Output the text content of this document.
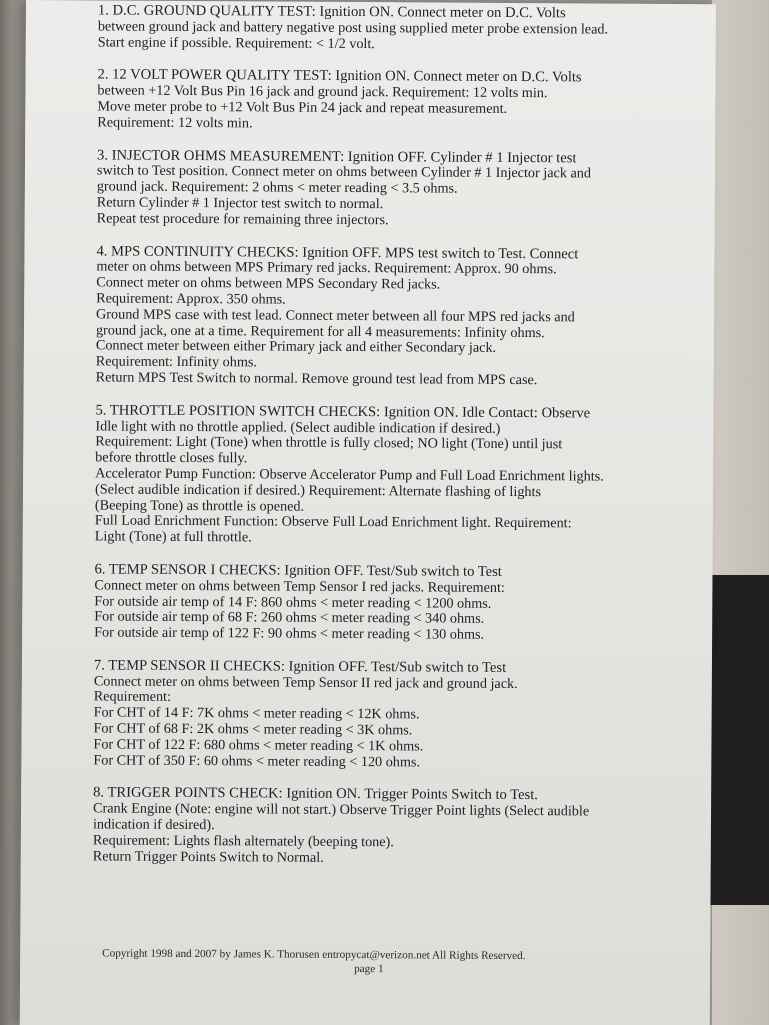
1. D.C. GROUND QUALITY TEST: Ignition ON. Connect meter on D.C. Volts

between ground jack and battery negative post using supplied meter probe extension lead.

Start engine if possible. Requirement: < 1/2 volt.

2. 12 VOLT POWER QUALITY TEST: Ignition ON. Connect meter on D.C. Volts

between +12 Volt Bus Pin 16 jack and ground jack. Requirement: 12 volts min.

Move meter probe to +12 Volt Bus Pin 24 jack and repeat measurement.

Requirement: 12 volts min.

3. INJECTOR OHMS MEASUREMENT: Ignition OFF. Cylinder # 1 Injector test

switch to Test position. Connect meter on ohms between Cylinder # 1 Injector jack and

ground jack. Requirement: 2 ohms < meter reading < 3.5 ohms.

Return Cylinder # 1 Injector test switch to normal.

Repeat test procedure for remaining three injectors.

4. MPS CONTINUITY CHECKS: Ignition OFF. MPS test switch to Test. Connect

meter on ohms between MPS Primary red jacks. Requirement: Approx. 90 ohms.

Connect meter on ohms between MPS Secondary Red jacks.

Requirement: Approx. 350 ohms.

Ground MPS case with test lead. Connect meter between all four MPS red jacks and

ground jack, one at a time. Requirement for all 4 measurements: Infinity ohms.

Connect meter between either Primary jack and either Secondary jack.

Requirement: Infinity ohms.

Return MPS Test Switch to normal. Remove ground test lead from MPS case.

5. THROTTLE POSITION SWITCH CHECKS: Ignition ON. Idle Contact: Observe

Idle light with no throttle applied. (Select audible indication if desired.)

Requirement: Light (Tone) when throttle is fully closed; NO light (Tone) until just

before throttle closes fully.

Accelerator Pump Function: Observe Accelerator Pump and Full Load Enrichment lights.

(Select audible indication if desired.) Requirement: Alternate flashing of lights

(Beeping Tone) as throttle is opened.

Full Load Enrichment Function: Observe Full Load Enrichment light. Requirement:

Light (Tone) at full throttle.

6. TEMP SENSOR I CHECKS: Ignition OFF. Test/Sub switch to Test

Connect meter on ohms between Temp Sensor I red jacks. Requirement:

For outside air temp of 14 F: 860 ohms < meter reading < 1200 ohms.

For outside air temp of 68 F: 260 ohms < meter reading < 340 ohms.

For outside air temp of 122 F: 90 ohms < meter reading < 130 ohms.

7. TEMP SENSOR II CHECKS: Ignition OFF. Test/Sub switch to Test

Connect meter on ohms between Temp Sensor II red jack and ground jack.

Requirement:

For CHT of 14 F: 7K ohms < meter reading < 12K ohms.

For CHT of 68 F: 2K ohms < meter reading < 3K ohms.

For CHT of 122 F: 680 ohms < meter reading < 1K ohms.

For CHT of 350 F: 60 ohms < meter reading < 120 ohms.

8. TRIGGER POINTS CHECK: Ignition ON. Trigger Points Switch to Test.

Crank Engine (Note: engine will not start.) Observe Trigger Point lights (Select audible

indication if desired).

Requirement: Lights flash alternately (beeping tone).

Return Trigger Points Switch to Normal.

Copyright 1998 and 2007 by James K. Thorusen entropycat@verizon.net All Rights Reserved.

page 1
